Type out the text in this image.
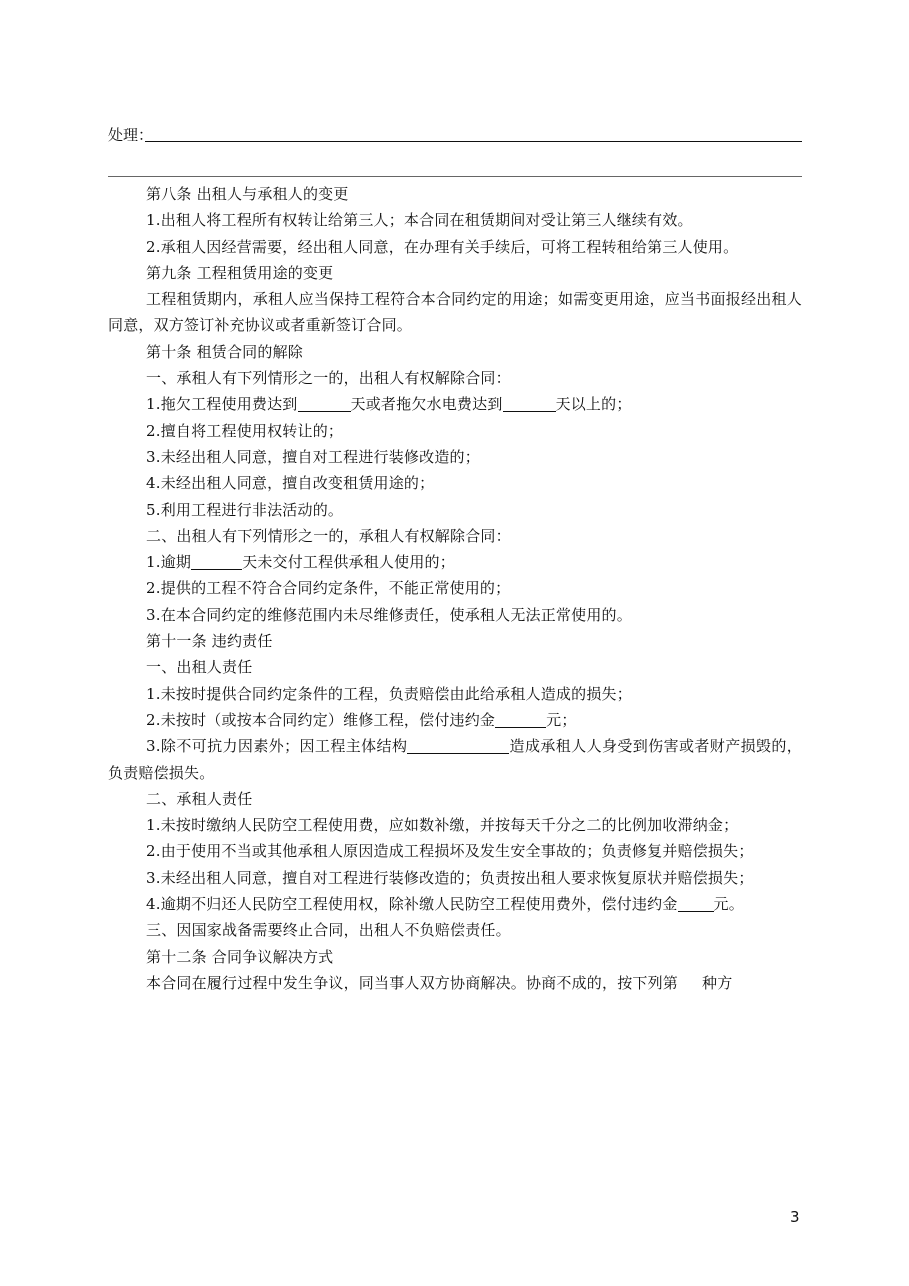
处理：

第八条 出租人与承租人的变更

1.出租人将工程所有权转让给第三人；本合同在租赁期间对受让第三人继续有效。

2.承租人因经营需要，经出租人同意，在办理有关手续后，可将工程转租给第三人使用。

第九条 工程租赁用途的变更

工程租赁期内，承租人应当保持工程符合本合同约定的用途；如需变更用途，应当书面报经出租人同意，双方签订补充协议或者重新签订合同。

第十条 租赁合同的解除

一、承租人有下列情形之一的，出租人有权解除合同：

1.拖欠工程使用费达到	天或者拖欠水电费达到	天以上的；

2.擅自将工程使用权转让的；

3.未经出租人同意，擅自对工程进行装修改造的；

4.未经出租人同意，擅自改变租赁用途的；

5.利用工程进行非法活动的。

二、出租人有下列情形之一的，承租人有权解除合同：

1.逾期	天未交付工程供承租人使用的；

2.提供的工程不符合合同约定条件，不能正常使用的；

3.在本合同约定的维修范围内未尽维修责任，使承租人无法正常使用的。

第十一条 违约责任

一、出租人责任

1.未按时提供合同约定条件的工程，负责赔偿由此给承租人造成的损失；

2.未按时（或按本合同约定）维修工程，偿付违约金	元；

3.除不可抗力因素外；因工程主体结构	造成承租人人身受到伤害或者财产损毁的，负责赔偿损失。

二、承租人责任

1.未按时缴纳人民防空工程使用费，应如数补缴，并按每天千分之二的比例加收滞纳金；

2.由于使用不当或其他承租人原因造成工程损坏及发生安全事故的；负责修复并赔偿损失；

3.未经出租人同意，擅自对工程进行装修改造的；负责按出租人要求恢复原状并赔偿损失；

4.逾期不归还人民防空工程使用权，除补缴人民防空工程使用费外，偿付违约金 元。

三、因国家战备需要终止合同，出租人不负赔偿责任。

第十二条 合同争议解决方式

本合同在履行过程中发生争议，同当事人双方协商解决。协商不成的，按下列第 种方

3
